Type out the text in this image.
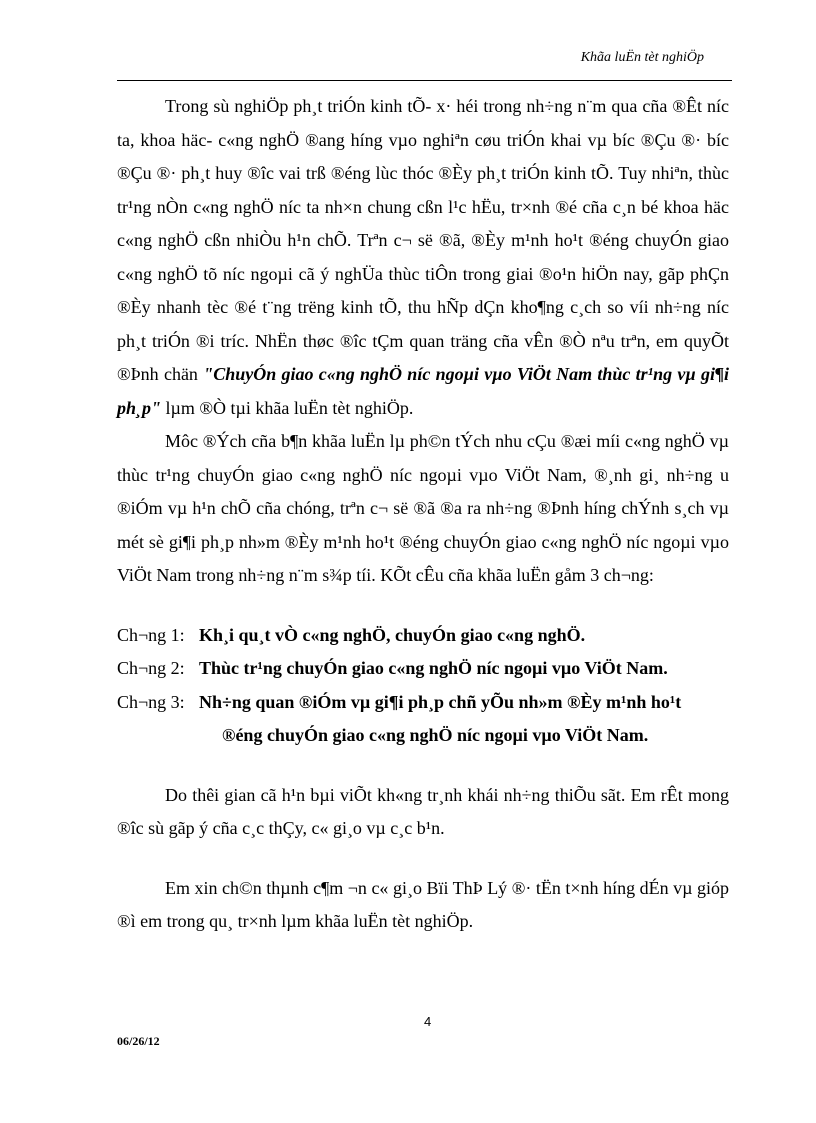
Khãa luËn tèt nghiÖp

Trong sù nghiÖp ph¸t triÓn kinh tÕ- x· héi trong nh÷ng n¨m qua cña ®Êt níc ta, khoa häc- c«ng nghÖ ®ang híng vµo nghiªn cøu triÓn khai vµ bíc ®Çu ®· bíc ®Çu ®· ph¸t huy ®îc vai trß ®éng lùc thóc ®Èy ph¸t triÓn kinh tÕ. Tuy nhiªn, thùc tr¹ng nÒn c«ng nghÖ níc ta nh×n chung cßn l¹c hËu, tr×nh ®é cña c¸n bé khoa häc c«ng nghÖ cßn nhiÒu h¹n chÕ. Trªn c¬ së ®ã, ®Èy m¹nh ho¹t ®éng chuyÓn giao c«ng nghÖ tõ níc ngoµi cã ý nghÜa thùc tiÔn trong giai ®o¹n hiÖn nay, gãp phÇn ®Èy nhanh tèc ®é t¨ng trëng kinh tÕ, thu hÑp dÇn kho¶ng c¸ch so víi nh÷ng níc ph¸t triÓn ®i tríc. NhËn thøc ®îc tÇm quan träng cña vÊn ®Ò nªu trªn, em quyÕt ®Þnh chän "ChuyÓn giao c«ng nghÖ níc ngoµi vµo ViÖt Nam thùc tr¹ng vµ gi¶i ph¸p" lµm ®Ò tµi khãa luËn tèt nghiÖp.

Môc ®Ých cña b¶n khãa luËn lµ ph©n tÝch nhu cÇu ®æi míi c«ng nghÖ vµ thùc tr¹ng chuyÓn giao c«ng nghÖ níc ngoµi vµo ViÖt Nam, ®¸nh gi¸ nh÷ng u ®iÓm vµ h¹n chÕ cña chóng, trªn c¬ së ®ã ®a ra nh÷ng ®Þnh híng chÝnh s¸ch vµ mét sè gi¶i ph¸p nh»m ®Èy m¹nh ho¹t ®éng chuyÓn giao c«ng nghÖ níc ngoµi vµo ViÖt Nam trong nh÷ng n¨m s¾p tíi. KÕt cÊu cña khãa luËn gåm 3 ch¬ng:

Ch¬ng 1: Kh¸i qu¸t vÒ c«ng nghÖ, chuyÓn giao c«ng nghÖ.
Ch¬ng 2: Thùc tr¹ng chuyÓn giao c«ng nghÖ níc ngoµi vµo ViÖt Nam.
Ch¬ng 3: Nh÷ng quan ®iÓm vµ gi¶i ph¸p chñ yÕu nh»m ®Èy m¹nh ho¹t
®éng chuyÓn giao c«ng nghÖ níc ngoµi vµo ViÖt Nam.

Do thêi gian cã h¹n bµi viÕt kh«ng tr¸nh khái nh÷ng thiÕu sãt. Em rÊt mong ®îc sù gãp ý cña c¸c thÇy, c« gi¸o vµ c¸c b¹n.

Em xin ch©n thµnh c¶m ¬n c« gi¸o Bïi ThÞ Lý ®· tËn t×nh híng dÉn vµ gióp ®ì em trong qu¸ tr×nh lµm khãa luËn tèt nghiÖp.

4
06/26/12
